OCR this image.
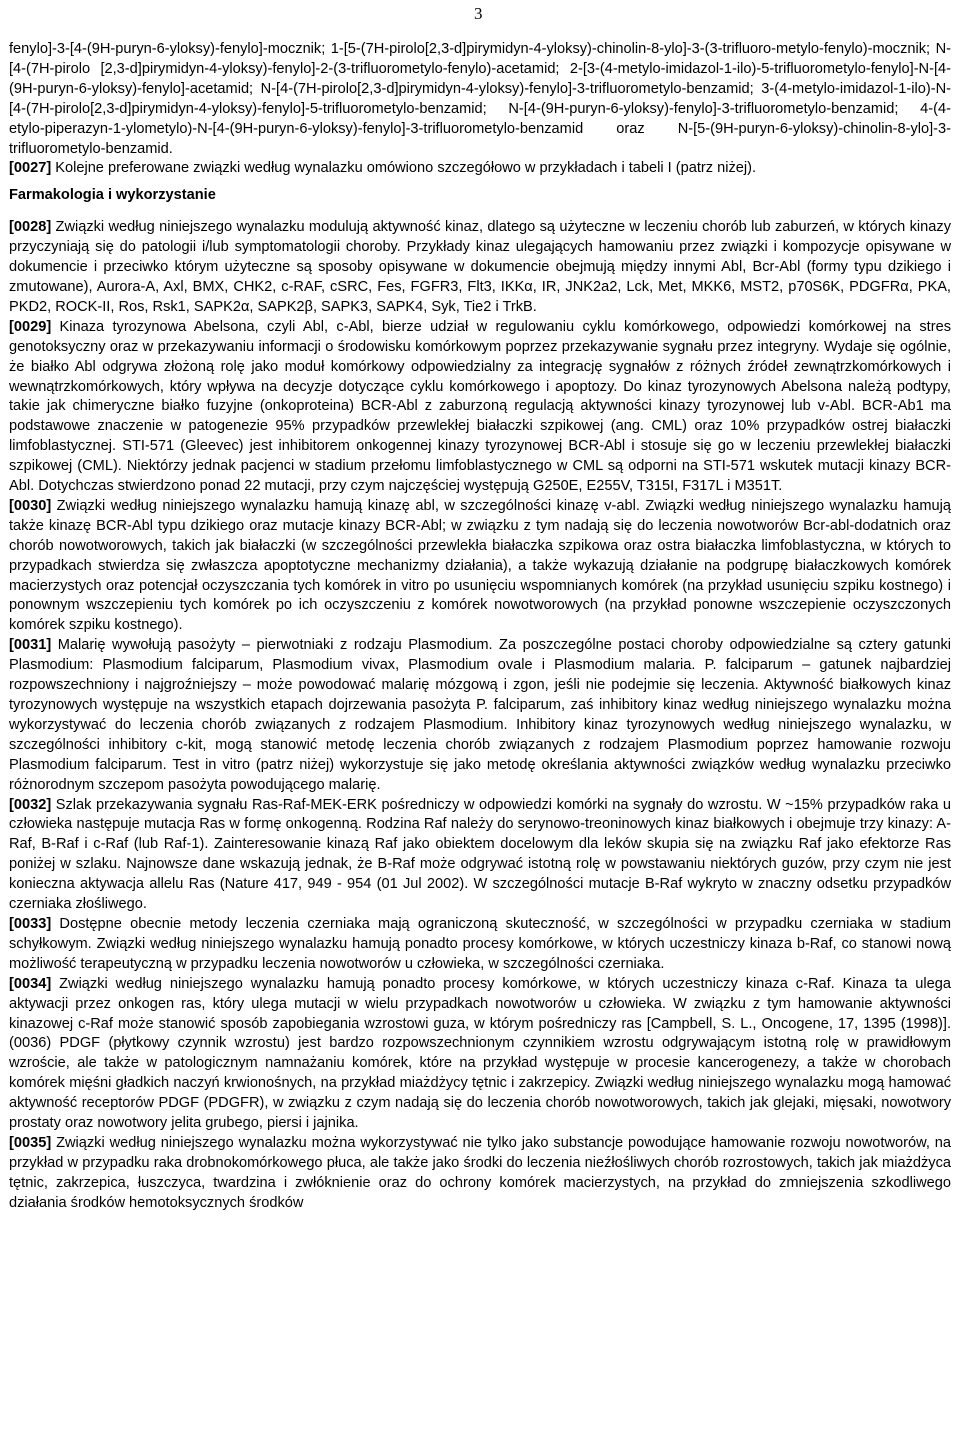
3

fenylo]-3-[4-(9H-puryn-6-yloksy)-fenylo]-mocznik; 1-[5-(7H-pirolo[2,3-d]pirymidyn-4-yloksy)-chinolin-8-ylo]-3-(3-trifluoro-metylo-fenylo)-mocznik; N-[4-(7H-pirolo [2,3-d]pirymidyn-4-yloksy)-fenylo]-2-(3-trifluorometylo-fenylo)-acetamid; 2-[3-(4-metylo-imidazol-1-ilo)-5-trifluorometylo-fenylo]-N-[4-(9H-puryn-6-yloksy)-fenylo]-acetamid; N-[4-(7H-pirolo[2,3-d]pirymidyn-4-yloksy)-fenylo]-3-trifluorometylo-benzamid; 3-(4-metylo-imidazol-1-ilo)-N-[4-(7H-pirolo[2,3-d]pirymidyn-4-yloksy)-fenylo]-5-trifluorometylo-benzamid; N-[4-(9H-puryn-6-yloksy)-fenylo]-3-trifluorometylo-benzamid; 4-(4-etylo-piperazyn-1-ylometylo)-N-[4-(9H-puryn-6-yloksy)-fenylo]-3-trifluorometylo-benzamid oraz N-[5-(9H-puryn-6-yloksy)-chinolin-8-ylo]-3-trifluorometylo-benzamid.

[0027] Kolejne preferowane związki według wynalazku omówiono szczegółowo w przykładach i tabeli I (patrz niżej).

Farmakologia i wykorzystanie

[0028] Związki według niniejszego wynalazku modulują aktywność kinaz, dlatego są użyteczne w leczeniu chorób lub zaburzeń, w których kinazy przyczyniają się do patologii i/lub symptomatologii choroby. Przykłady kinaz ulegających hamowaniu przez związki i kompozycje opisywane w dokumencie i przeciwko którym użyteczne są sposoby opisywane w dokumencie obejmują między innymi Abl, Bcr-Abl (formy typu dzikiego i zmutowane), Aurora-A, Axl, BMX, CHK2, c-RAF, cSRC, Fes, FGFR3, Flt3, IKKα, IR, JNK2a2, Lck, Met, MKK6, MST2, p70S6K, PDGFRα, PKA, PKD2, ROCK-II, Ros, Rsk1, SAPK2α, SAPK2β, SAPK3, SAPK4, Syk, Tie2 i TrkB.

[0029] Kinaza tyrozynowa Abelsona, czyli Abl, c-Abl, bierze udział w regulowaniu cyklu komórkowego, odpowiedzi komórkowej na stres genotoksyczny oraz w przekazywaniu informacji o środowisku komórkowym poprzez przekazywanie sygnału przez integryny. Wydaje się ogólnie, że białko Abl odgrywa złożoną rolę jako moduł komórkowy odpowiedzialny za integrację sygnałów z różnych źródeł zewnątrzkomórkowych i wewnątrzkomórkowych, który wpływa na decyzje dotyczące cyklu komórkowego i apoptozy. Do kinaz tyrozynowych Abelsona należą podtypy, takie jak chimeryczne białko fuzyjne (onkoproteina) BCR-Abl z zaburzoną regulacją aktywności kinazy tyrozynowej lub v-Abl. BCR-Ab1 ma podstawowe znaczenie w patogenezie 95% przypadków przewlekłej białaczki szpikowej (ang. CML) oraz 10% przypadków ostrej białaczki limfoblastycznej. STI-571 (Gleevec) jest inhibitorem onkogennej kinazy tyrozynowej BCR-Abl i stosuje się go w leczeniu przewlekłej białaczki szpikowej (CML). Niektórzy jednak pacjenci w stadium przełomu limfoblastycznego w CML są odporni na STI-571 wskutek mutacji kinazy BCR-Abl. Dotychczas stwierdzono ponad 22 mutacji, przy czym najczęściej występują G250E, E255V, T315I, F317L i M351T.

[0030] Związki według niniejszego wynalazku hamują kinazę abl, w szczególności kinazę v-abl. Związki według niniejszego wynalazku hamują także kinazę BCR-Abl typu dzikiego oraz mutacje kinazy BCR-Abl; w związku z tym nadają się do leczenia nowotworów Bcr-abl-dodatnich oraz chorób nowotworowych, takich jak białaczki (w szczególności przewlekła białaczka szpikowa oraz ostra białaczka limfoblastyczna, w których to przypadkach stwierdza się zwłaszcza apoptotyczne mechanizmy działania), a także wykazują działanie na podgrupę białaczkowych komórek macierzystych oraz potencjał oczyszczania tych komórek in vitro po usunięciu wspomnianych komórek (na przykład usunięciu szpiku kostnego) i ponownym wszczepieniu tych komórek po ich oczyszczeniu z komórek nowotworowych (na przykład ponowne wszczepienie oczyszczonych komórek szpiku kostnego).

[0031] Malarię wywołują pasożyty – pierwotniaki z rodzaju Plasmodium. Za poszczególne postaci choroby odpowiedzialne są cztery gatunki Plasmodium: Plasmodium falciparum, Plasmodium vivax, Plasmodium ovale i Plasmodium malaria. P. falciparum – gatunek najbardziej rozpowszechniony i najgroźniejszy – może powodować malarię mózgową i zgon, jeśli nie podejmie się leczenia. Aktywność białkowych kinaz tyrozynowych występuje na wszystkich etapach dojrzewania pasożyta P. falciparum, zaś inhibitory kinaz według niniejszego wynalazku można wykorzystywać do leczenia chorób związanych z rodzajem Plasmodium. Inhibitory kinaz tyrozynowych według niniejszego wynalazku, w szczególności inhibitory c-kit, mogą stanowić metodę leczenia chorób związanych z rodzajem Plasmodium poprzez hamowanie rozwoju Plasmodium falciparum. Test in vitro (patrz niżej) wykorzystuje się jako metodę określania aktywności związków według wynalazku przeciwko różnorodnym szczepom pasożyta powodującego malarię.

[0032] Szlak przekazywania sygnału Ras-Raf-MEK-ERK pośredniczy w odpowiedzi komórki na sygnały do wzrostu. W ~15% przypadków raka u człowieka następuje mutacja Ras w formę onkogenną. Rodzina Raf należy do serynowo-treoninowych kinaz białkowych i obejmuje trzy kinazy: A-Raf, B-Raf i c-Raf (lub Raf-1). Zainteresowanie kinazą Raf jako obiektem docelowym dla leków skupia się na związku Raf jako efektorze Ras poniżej w szlaku. Najnowsze dane wskazują jednak, że B-Raf może odgrywać istotną rolę w powstawaniu niektórych guzów, przy czym nie jest konieczna aktywacja allelu Ras (Nature 417, 949 - 954 (01 Jul 2002). W szczególności mutacje B-Raf wykryto w znaczny odsetku przypadków czerniaka złośliwego.

[0033] Dostępne obecnie metody leczenia czerniaka mają ograniczoną skuteczność, w szczególności w przypadku czerniaka w stadium schyłkowym. Związki według niniejszego wynalazku hamują ponadto procesy komórkowe, w których uczestniczy kinaza b-Raf, co stanowi nową możliwość terapeutyczną w przypadku leczenia nowotworów u człowieka, w szczególności czerniaka.

[0034] Związki według niniejszego wynalazku hamują ponadto procesy komórkowe, w których uczestniczy kinaza c-Raf. Kinaza ta ulega aktywacji przez onkogen ras, który ulega mutacji w wielu przypadkach nowotworów u człowieka. W związku z tym hamowanie aktywności kinazowej c-Raf może stanowić sposób zapobiegania wzrostowi guza, w którym pośredniczy ras [Campbell, S. L., Oncogene, 17, 1395 (1998)]. (0036) PDGF (płytkowy czynnik wzrostu) jest bardzo rozpowszechnionym czynnikiem wzrostu odgrywającym istotną rolę w prawidłowym wzroście, ale także w patologicznym namnażaniu komórek, które na przykład występuje w procesie kancerogenezy, a także w chorobach komórek mięśni gładkich naczyń krwionośnych, na przykład miażdżycy tętnic i zakrzepicy. Związki według niniejszego wynalazku mogą hamować aktywność receptorów PDGF (PDGFR), w związku z czym nadają się do leczenia chorób nowotworowych, takich jak glejaki, mięsaki, nowotwory prostaty oraz nowotwory jelita grubego, piersi i jajnika.

[0035] Związki według niniejszego wynalazku można wykorzystywać nie tylko jako substancje powodujące hamowanie rozwoju nowotworów, na przykład w przypadku raka drobnokomórkowego płuca, ale także jako środki do leczenia nieźłośliwych chorób rozrostowych, takich jak miażdżyca tętnic, zakrzepica, łuszczyca, twardzina i zwłóknienie oraz do ochrony komórek macierzystych, na przykład do zmniejszenia szkodliwego działania środków hemotoksycznych środków
